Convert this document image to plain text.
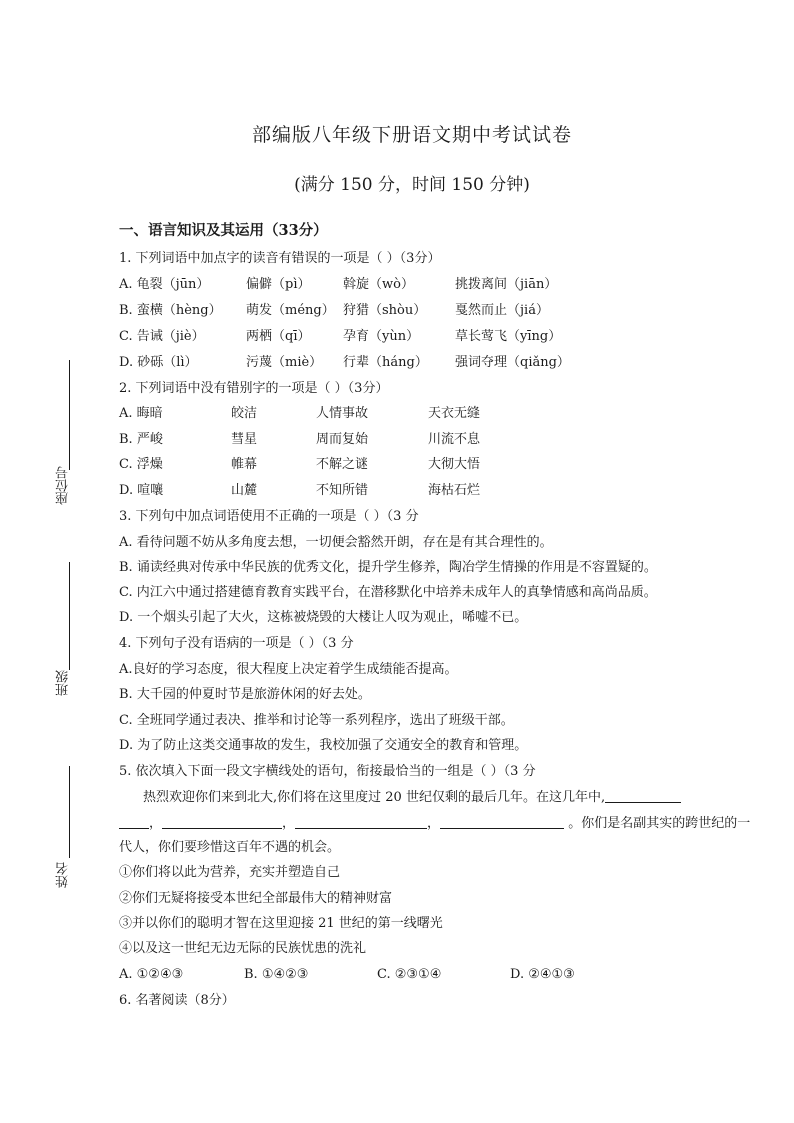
部编版八年级下册语文期中考试试卷
(满分 150 分，时间 150 分钟)
座位号
班级
姓名
一、语言知识及其运用（33分）
1. 下列词语中加点字的读音有错误的一项是（ ）（3分）
A. 龟裂（jūn）	偏僻（pì）	斡旋（wò）	挑拨离间（jiān）
B. 蛮横（hèng） 萌发（méng） 狩猎（shòu） 戛然而止（jiá）
C. 告诫（jiè）	两栖（qī）	孕育（yùn）	草长莺飞（yīng）
D. 砂砾（lì）	污蔑（miè） 行辈（háng） 强词夺理（qiǎng）
2. 下列词语中没有错别字的一项是（ ）（3分）
A. 晦暗	皎洁	人情事故	天衣无缝
B. 严峻	彗星	周而复始	川流不息
C. 浮燥	帷幕	不解之谜	大彻大悟
D. 喧嚷	山麓	不知所错	海枯石烂
3. 下列句中加点词语使用不正确的一项是（ ）（3 分
A. 看待问题不妨从多角度去想，一切便会豁然开朗，存在是有其合理性的。
B. 诵读经典对传承中华民族的优秀文化，提升学生修养，陶冶学生情操的作用是不容置疑的。
C. 内江六中通过搭建德育教育实践平台，在潜移默化中培养未成年人的真挚情感和高尚品质。
D. 一个烟头引起了大火，这栋被烧毁的大楼让人叹为观止，唏嘘不已。
4. 下列句子没有语病的一项是（ ）（3 分
A.良好的学习态度，很大程度上决定着学生成绩能否提高。
B. 大千园的仲夏时节是旅游休闲的好去处。
C. 全班同学通过表决、推举和讨论等一系列程序，选出了班级干部。
D. 为了防止这类交通事故的发生，我校加强了交通安全的教育和管理。
5. 依次填入下面一段文字横线处的语句，衔接最恰当的一组是（ ）（3 分
热烈欢迎你们来到北大,你们将在这里度过 20 世纪仅剩的最后几年。在这几年中,
，	，	，	。你们是名副其实的跨世纪的一
代人，你们要珍惜这百年不遇的机会。
①你们将以此为营养，充实并塑造自己
②你们无疑将接受本世纪全部最伟大的精神财富
③并以你们的聪明才智在这里迎接 21 世纪的第一线曙光
④以及这一世纪无边无际的民族忧患的洗礼
A. ①②④③	B. ①④②③	C. ②③①④	D. ②④①③
6. 名著阅读（8分）
